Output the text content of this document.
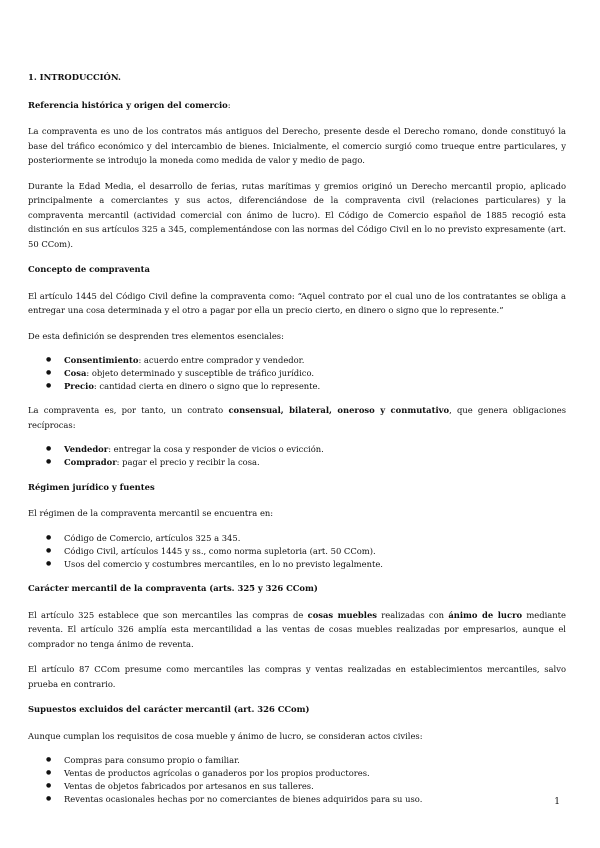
1. INTRODUCCIÓN.
Referencia histórica y origen del comercio:

La compraventa es uno de los contratos más antiguos del Derecho, presente desde el Derecho romano, donde constituyó la base del tráfico económico y del intercambio de bienes. Inicialmente, el comercio surgió como trueque entre particulares, y posteriormente se introdujo la moneda como medida de valor y medio de pago.

Durante la Edad Media, el desarrollo de ferias, rutas marítimas y gremios originó un Derecho mercantil propio, aplicado principalmente a comerciantes y sus actos, diferenciándose de la compraventa civil (relaciones particulares) y la compraventa mercantil (actividad comercial con ánimo de lucro). El Código de Comercio español de 1885 recogió esta distinción en sus artículos 325 a 345, complementándose con las normas del Código Civil en lo no previsto expresamente (art. 50 CCom).

Concepto de compraventa

El artículo 1445 del Código Civil define la compraventa como: “Aquel contrato por el cual uno de los contratantes se obliga a entregar una cosa determinada y el otro a pagar por ella un precio cierto, en dinero o signo que lo represente.”

De esta definición se desprenden tres elementos esenciales:

● Consentimiento: acuerdo entre comprador y vendedor.
● Cosa: objeto determinado y susceptible de tráfico jurídico.
● Precio: cantidad cierta en dinero o signo que lo represente.

La compraventa es, por tanto, un contrato consensual, bilateral, oneroso y conmutativo, que genera obligaciones recíprocas:

● Vendedor: entregar la cosa y responder de vicios o evicción.
● Comprador: pagar el precio y recibir la cosa.
Régimen jurídico y fuentes

El régimen de la compraventa mercantil se encuentra en:

● Código de Comercio, artículos 325 a 345.
● Código Civil, artículos 1445 y ss., como norma supletoria (art. 50 CCom).
● Usos del comercio y costumbres mercantiles, en lo no previsto legalmente.
Carácter mercantil de la compraventa (arts. 325 y 326 CCom)

El artículo 325 establece que son mercantiles las compras de cosas muebles realizadas con ánimo de lucro mediante reventa. El artículo 326 amplía esta mercantilidad a las ventas de cosas muebles realizadas por empresarios, aunque el comprador no tenga ánimo de reventa.

El artículo 87 CCom presume como mercantiles las compras y ventas realizadas en establecimientos mercantiles, salvo prueba en contrario.

Supuestos excluidos del carácter mercantil (art. 326 CCom)

Aunque cumplan los requisitos de cosa mueble y ánimo de lucro, se consideran actos civiles:

● Compras para consumo propio o familiar.
● Ventas de productos agrícolas o ganaderos por los propios productores.
● Ventas de objetos fabricados por artesanos en sus talleres.
● Reventas ocasionales hechas por no comerciantes de bienes adquiridos para su uso.	1
